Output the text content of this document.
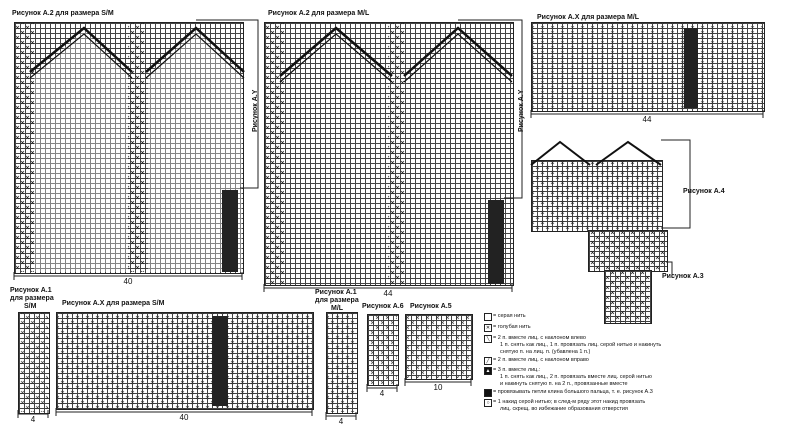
Рисунок А.2 для размера S/M	Рисунок А.2 для размера M/L
Рисунок А.Х для размера M/L
Рисунок А.Y	Рисунок А.Y
Рисунок А.4
Рисунок А.3
Рисунок А.1
для размера
S/M	Рисунок А.Х для размера S/M
Рисунок А.1
для размера
M/L	Рисунок А.6 Рисунок А.5
40
44
44
4	40	4
4
10
= серая нить
✕ = голубая нить
╲ = 2 п. вместе лиц. с наклоном влево
1 п. снять как лиц., 1 п. провязать лиц. серой нитью и накинуть
снятую п. на лиц. п. (убавлена 1 п.)
╱ = 2 п. вместе лиц. с наклоном вправо
▲ = 3 п. вместе лиц.:
1 п. снять как лиц., 2 п. провязать вместе лиц. серой нитью
и накинуть снятую п. на 2 п., провязанные вместе
= провязывать петли клина большого пальца, т. е. рисунок А.3
○ = 1 накид серой нитью; в след-м ряду этот накид провязать
лиц. скрещ. во избежание образования отверстия
